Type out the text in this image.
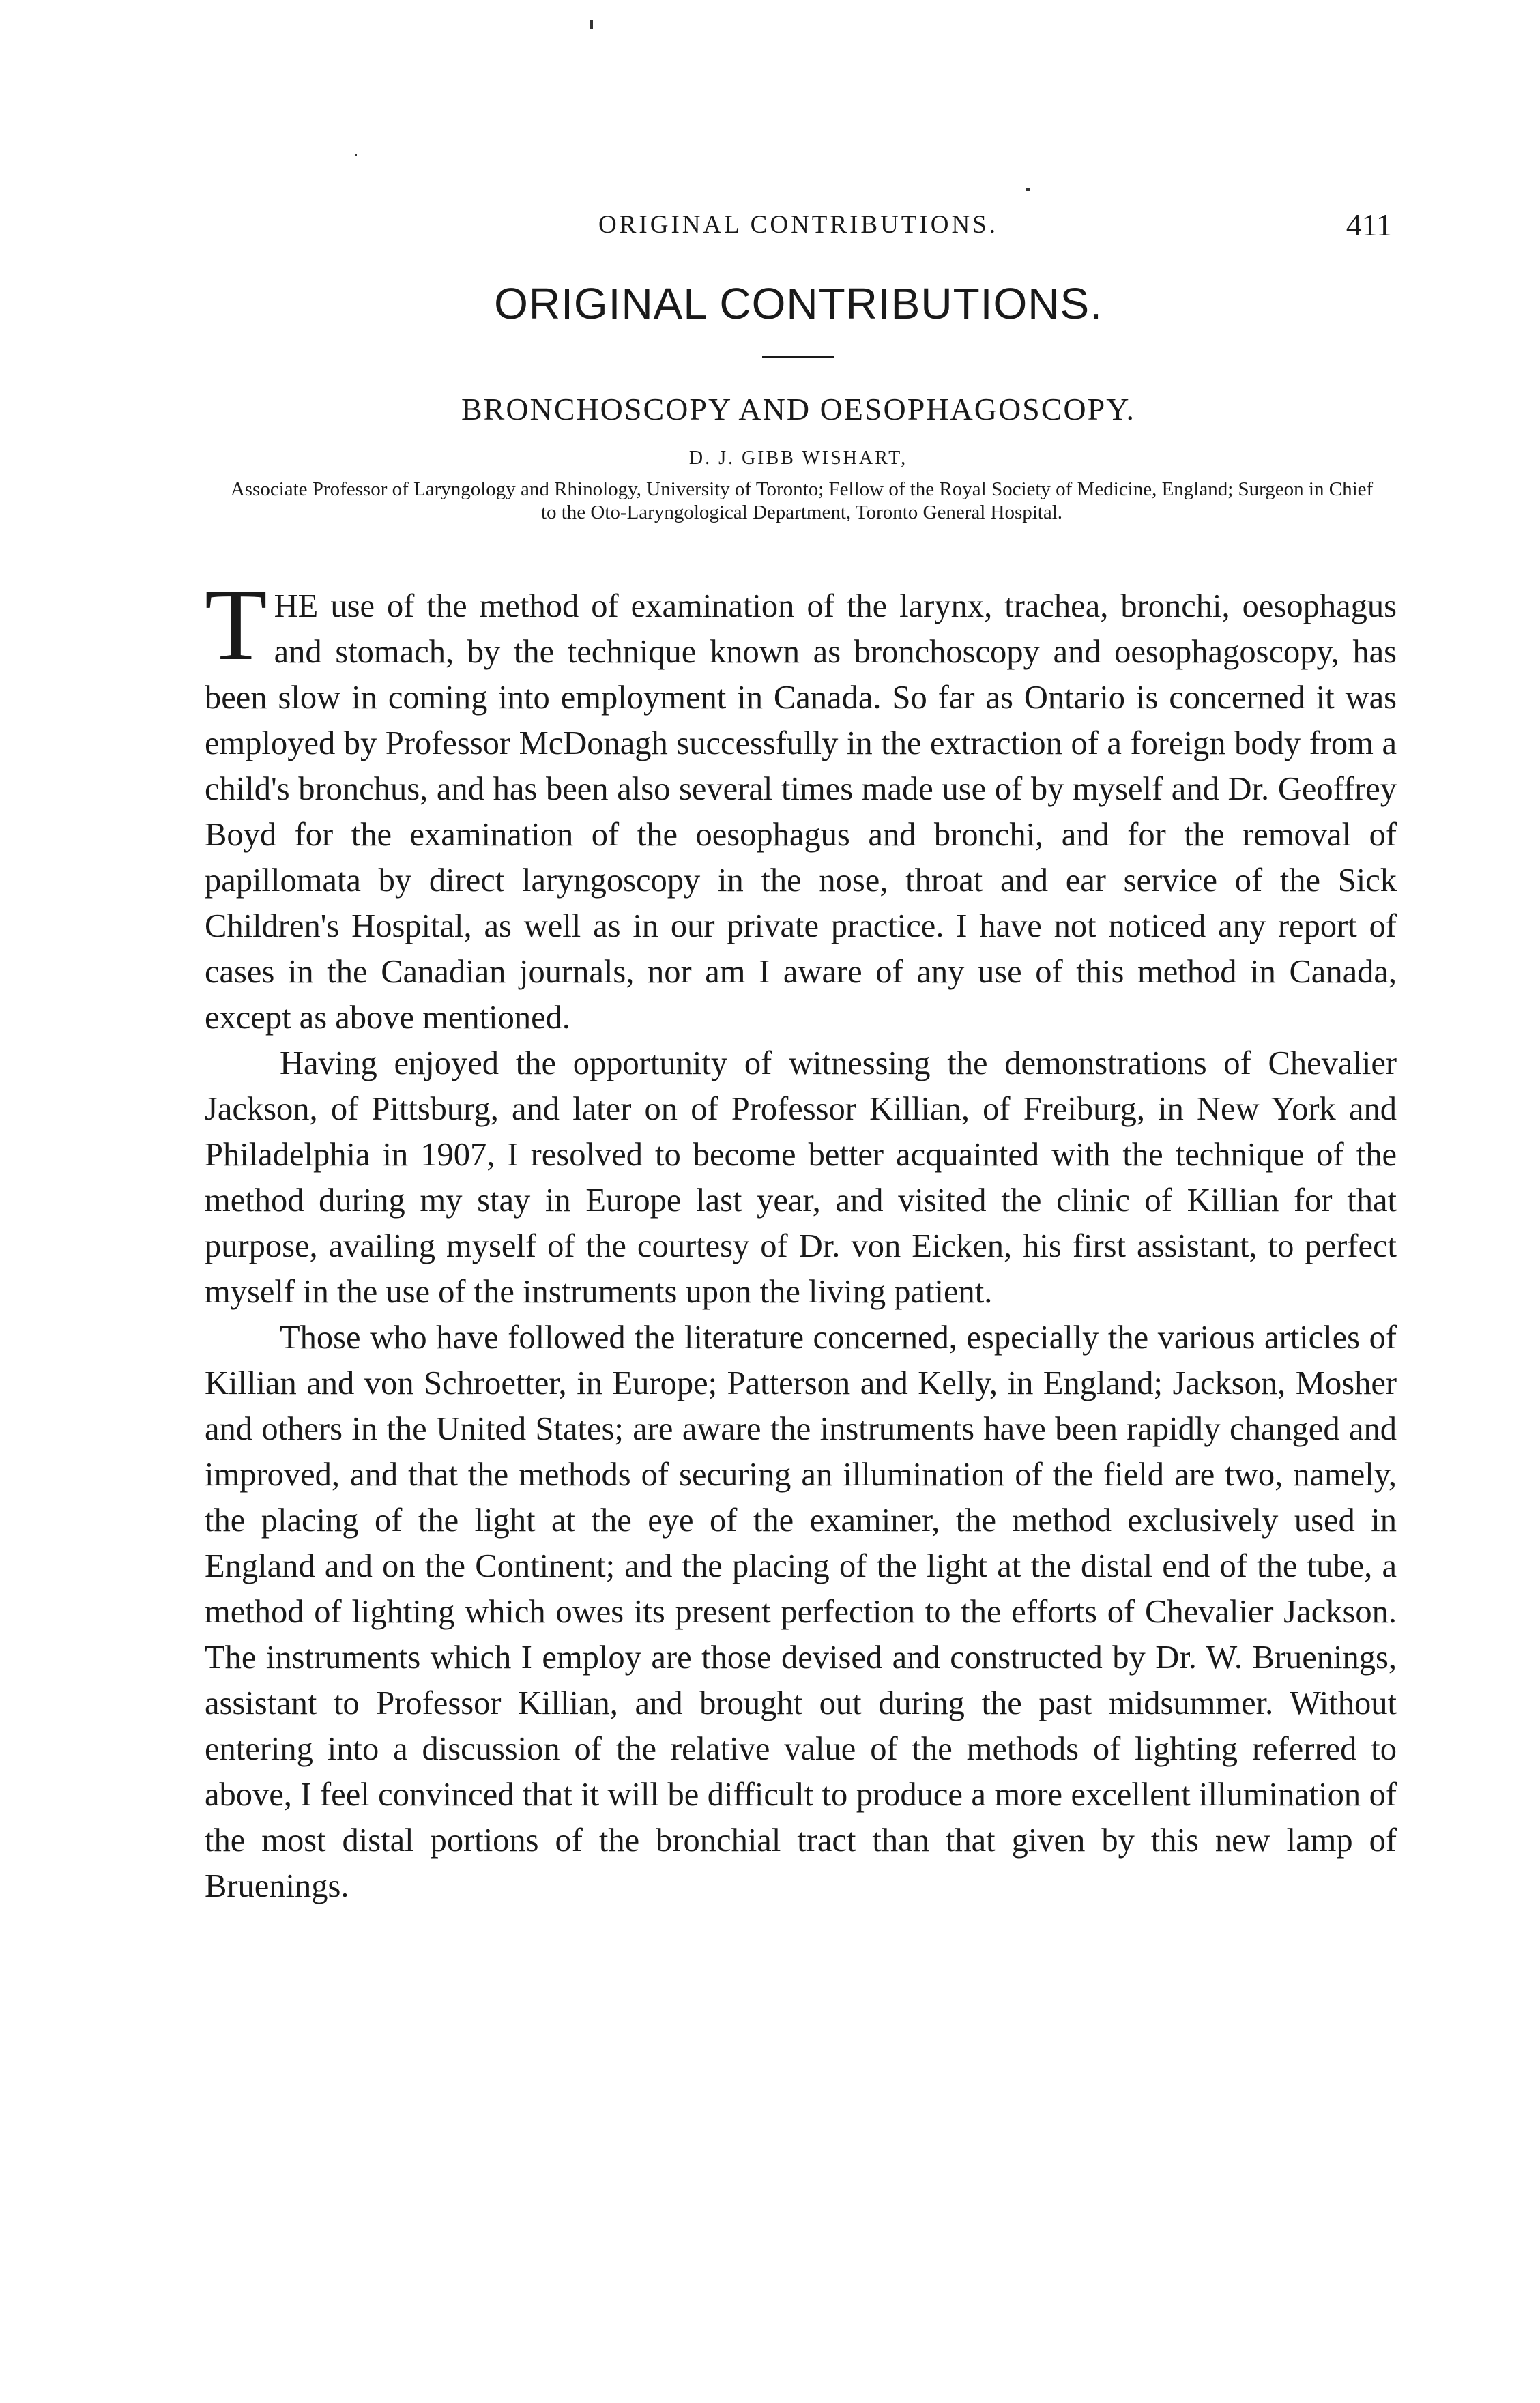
ORIGINAL CONTRIBUTIONS.	411
ORIGINAL CONTRIBUTIONS.
BRONCHOSCOPY AND OESOPHAGOSCOPY.
D. J. GIBB WISHART,
Associate Professor of Laryngology and Rhinology, University of Toronto; Fellow of the Royal Society of Medicine, England; Surgeon in Chief to the Oto-Laryngological Department, Toronto General Hospital.

THE use of the method of examination of the larynx, trachea, bronchi, oesophagus and stomach, by the technique known as bronchoscopy and oesophagoscopy, has been slow in coming into employment in Canada. So far as Ontario is concerned it was employed by Professor McDonagh successfully in the extraction of a foreign body from a child's bronchus, and has been also several times made use of by myself and Dr. Geoffrey Boyd for the examination of the oesophagus and bronchi, and for the removal of papillomata by direct laryngoscopy in the nose, throat and ear service of the Sick Children's Hospital, as well as in our private practice. I have not noticed any report of cases in the Canadian journals, nor am I aware of any use of this method in Canada, except as above mentioned.

Having enjoyed the opportunity of witnessing the demonstrations of Chevalier Jackson, of Pittsburg, and later on of Professor Killian, of Freiburg, in New York and Philadelphia in 1907, I resolved to become better acquainted with the technique of the method during my stay in Europe last year, and visited the clinic of Killian for that purpose, availing myself of the courtesy of Dr. von Eicken, his first assistant, to perfect myself in the use of the instruments upon the living patient.

Those who have followed the literature concerned, especially the various articles of Killian and von Schroetter, in Europe; Patterson and Kelly, in England; Jackson, Mosher and others in the United States; are aware the instruments have been rapidly changed and improved, and that the methods of securing an illumination of the field are two, namely, the placing of the light at the eye of the examiner, the method exclusively used in England and on the Continent; and the placing of the light at the distal end of the tube, a method of lighting which owes its present perfection to the efforts of Chevalier Jackson. The instruments which I employ are those devised and constructed by Dr. W. Bruenings, assistant to Professor Killian, and brought out during the past midsummer. Without entering into a discussion of the relative value of the methods of lighting referred to above, I feel convinced that it will be difficult to produce a more excellent illumination of the most distal portions of the bronchial tract than that given by this new lamp of Bruenings.
